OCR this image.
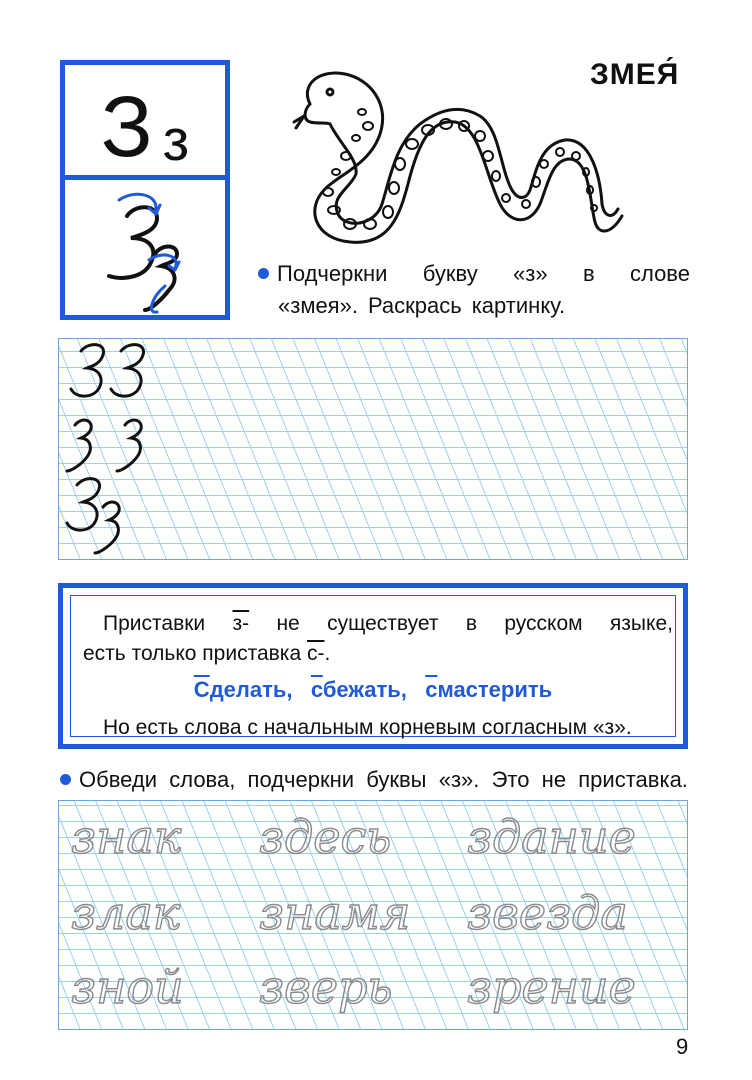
З з
ЗМЕЯ́
Подчеркни букву «з» в слове
«змея». Раскрась картинку.
Приставки з- не существует в русском языке,
есть только приставка с-.
Сделать, сбежать, смастерить
Но есть слова с начальным корневым согласным «з».
Обведи слова, подчеркни буквы «з». Это не приставка.
знак здесь здание
злак знамя звезда
зной зверь зрение
9
